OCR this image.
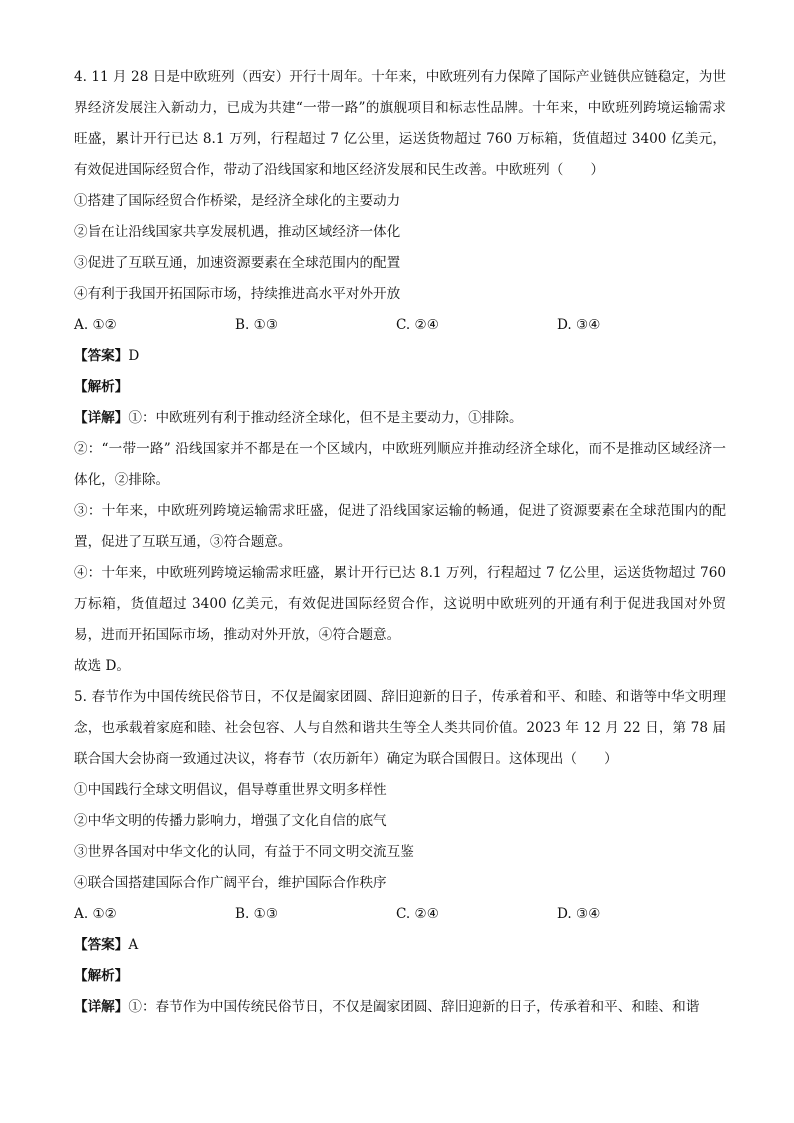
4. 11 月 28 日是中欧班列（西安）开行十周年。十年来，中欧班列有力保障了国际产业链供应链稳定，为世界经济发展注入新动力，已成为共建“一带一路”的旗舰项目和标志性品牌。十年来，中欧班列跨境运输需求旺盛，累计开行已达 8.1 万列，行程超过 7 亿公里，运送货物超过 760 万标箱，货值超过 3400 亿美元，有效促进国际经贸合作，带动了沿线国家和地区经济发展和民生改善。中欧班列（　　）

①搭建了国际经贸合作桥梁，是经济全球化的主要动力

②旨在让沿线国家共享发展机遇，推动区域经济一体化

③促进了互联互通，加速资源要素在全球范围内的配置

④有利于我国开拓国际市场，持续推进高水平对外开放

A. ①②	B. ①③	C. ②④	D. ③④

【答案】D

【解析】

【详解】①：中欧班列有利于推动经济全球化，但不是主要动力，①排除。

②：“一带一路” 沿线国家并不都是在一个区域内，中欧班列顺应并推动经济全球化，而不是推动区域经济一体化，②排除。

③：十年来，中欧班列跨境运输需求旺盛，促进了沿线国家运输的畅通，促进了资源要素在全球范围内的配置，促进了互联互通，③符合题意。

④：十年来，中欧班列跨境运输需求旺盛，累计开行已达 8.1 万列，行程超过 7 亿公里，运送货物超过 760 万标箱，货值超过 3400 亿美元，有效促进国际经贸合作，这说明中欧班列的开通有利于促进我国对外贸易，进而开拓国际市场，推动对外开放，④符合题意。

故选 D。

5. 春节作为中国传统民俗节日，不仅是阖家团圆、辞旧迎新的日子，传承着和平、和睦、和谐等中华文明理念，也承载着家庭和睦、社会包容、人与自然和谐共生等全人类共同价值。2023 年 12 月 22 日，第 78 届联合国大会协商一致通过决议，将春节（农历新年）确定为联合国假日。这体现出（　　）

①中国践行全球文明倡议，倡导尊重世界文明多样性

②中华文明的传播力影响力，增强了文化自信的底气

③世界各国对中华文化的认同，有益于不同文明交流互鉴

④联合国搭建国际合作广阔平台，维护国际合作秩序

A. ①②	B. ①③	C. ②④	D. ③④

【答案】A

【解析】

【详解】①：春节作为中国传统民俗节日，不仅是阖家团圆、辞旧迎新的日子，传承着和平、和睦、和谐
